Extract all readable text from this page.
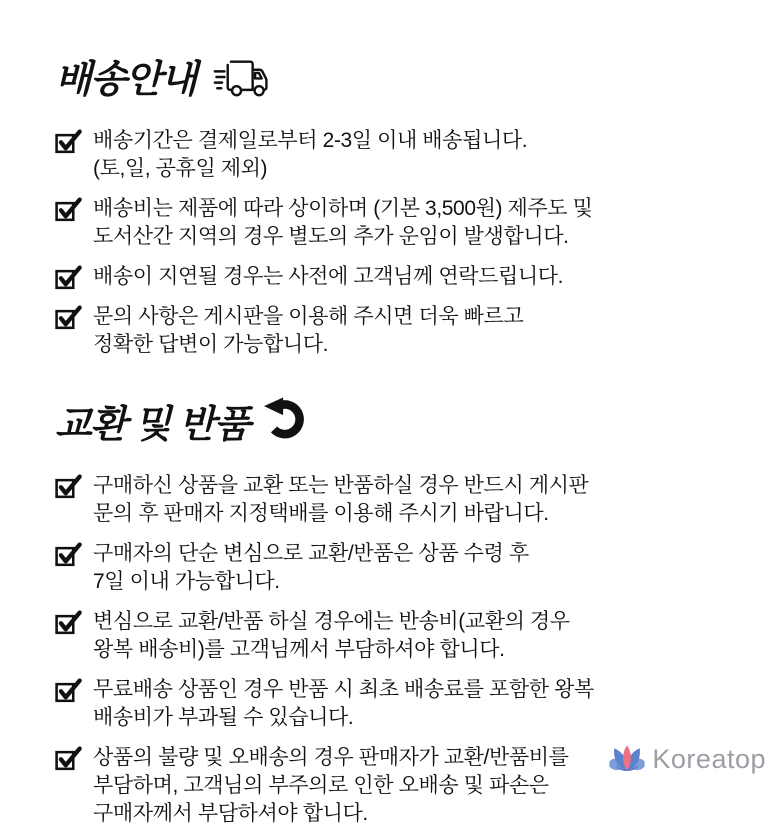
배송안내
배송기간은 결제일로부터 2-3일 이내 배송됩니다.
(토,일, 공휴일 제외)
배송비는 제품에 따라 상이하며 (기본 3,500원) 제주도 및
도서산간 지역의 경우 별도의 추가 운임이 발생합니다.
배송이 지연될 경우는 사전에 고객님께 연락드립니다.
문의 사항은 게시판을 이용해 주시면 더욱 빠르고
정확한 답변이 가능합니다.
교환 및 반품
구매하신 상품을 교환 또는 반품하실 경우 반드시 게시판
문의 후 판매자 지정택배를 이용해 주시기 바랍니다.
구매자의 단순 변심으로 교환/반품은 상품 수령 후
7일 이내 가능합니다.
변심으로 교환/반품 하실 경우에는 반송비(교환의 경우
왕복 배송비)를 고객님께서 부담하셔야 합니다.
무료배송 상품인 경우 반품 시 최초 배송료를 포함한 왕복
배송비가 부과될 수 있습니다.
상품의 불량 및 오배송의 경우 판매자가 교환/반품비를
부담하며, 고객님의 부주의로 인한 오배송 및 파손은
구매자께서 부담하셔야 합니다.
Koreatop
